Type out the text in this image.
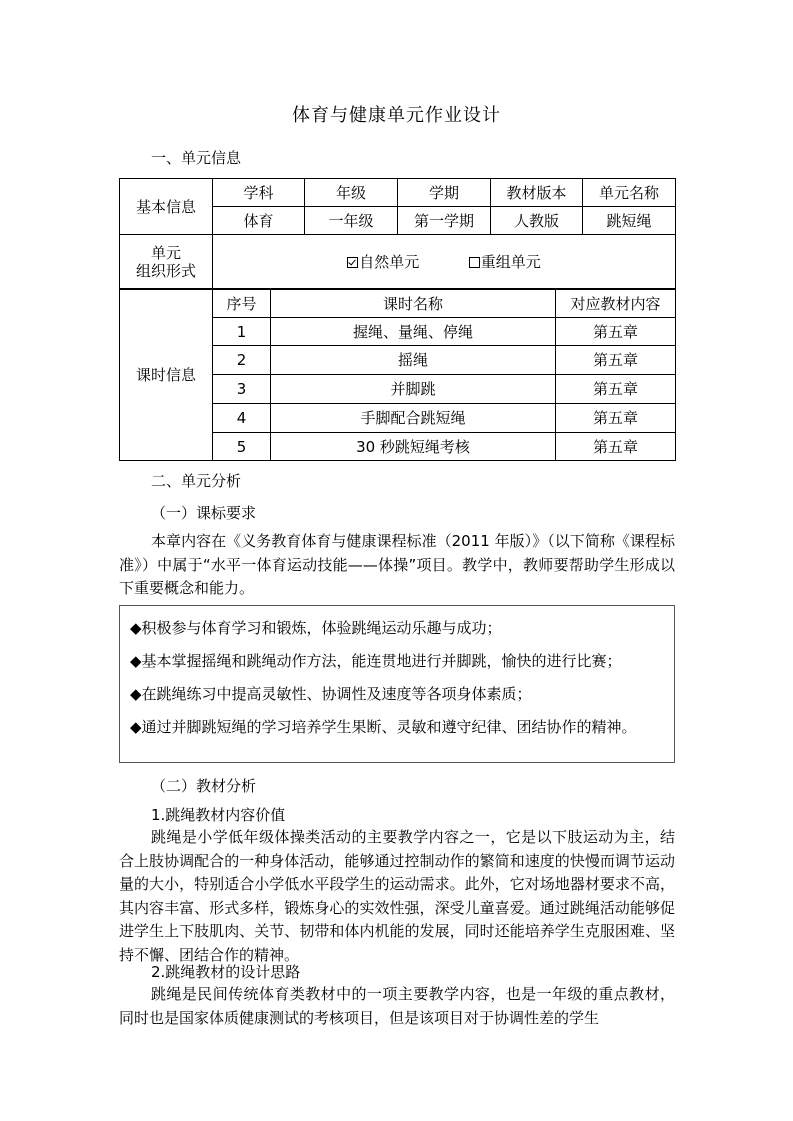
体育与健康单元作业设计
一、单元信息
基本信息	学科	年级	学期	教材版本	单元名称
	体育	一年级	第一学期	人教版	跳短绳

单元
组织形式	自然单元 重组单元				
课时信息	序号	课时名称	对应教材内容
	1	握绳、量绳、停绳	第五章
	2	摇绳	第五章
	3	并脚跳	第五章
	4	手脚配合跳短绳	第五章
	5	30 秒跳短绳考核	第五章
二、单元分析
（一）课标要求
本章内容在《义务教育体育与健康课程标准（2011 年版）》（以下简称《课程标准》）中属于“水平一体育运动技能——体操”项目。教学中，教师要帮助学生形成以下重要概念和能力。

◆积极参与体育学习和锻炼，体验跳绳运动乐趣与成功；

◆基本掌握摇绳和跳绳动作方法，能连贯地进行并脚跳，愉快的进行比赛；

◆在跳绳练习中提高灵敏性、协调性及速度等各项身体素质；

◆通过并脚跳短绳的学习培养学生果断、灵敏和遵守纪律、团结协作的精神。

（二）教材分析
1.跳绳教材内容价值
跳绳是小学低年级体操类活动的主要教学内容之一，它是以下肢运动为主，结合上肢协调配合的一种身体活动，能够通过控制动作的繁简和速度的快慢而调节运动量的大小，特别适合小学低水平段学生的运动需求。此外，它对场地器材要求不高，其内容丰富、形式多样，锻炼身心的实效性强，深受儿童喜爱。通过跳绳活动能够促进学生上下肢肌肉、关节、韧带和体内机能的发展，同时还能培养学生克服困难、坚持不懈、团结合作的精神。
2.跳绳教材的设计思路
跳绳是民间传统体育类教材中的一项主要教学内容，也是一年级的重点教材，同时也是国家体质健康测试的考核项目，但是该项目对于协调性差的学生
